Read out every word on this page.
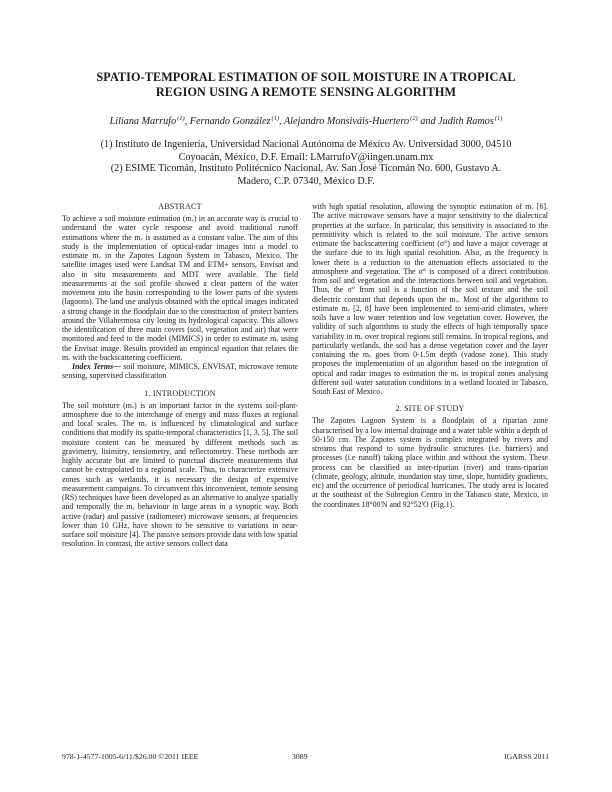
SPATIO-TEMPORAL ESTIMATION OF SOIL MOISTURE IN A TROPICAL
REGION USING A REMOTE SENSING ALGORITHM
Liliana Marrufo$^{(1)}$, Fernando González$^{(1)}$, Alejandro Monsiváis-Huertero$^{(2)}$ and Judith Ramos$^{(1)}$
(1) Instituto de Ingeniería, Universidad Nacional Autónoma de México Av. Universidad 3000, 04510
Coyoacán, México, D.F. Email: LMarrufoV@iingen.unam.mx
(2) ESIME Ticomán, Instituto Politécnico Nacional, Av. San José Ticomán No. 600, Gustavo A.
Madero, C.P. 07340, México D.F.
ABSTRACT

To achieve a soil moisture estimation (mᵥ) in an accurate way is crucial to understand the water cycle response and avoid traditional runoff estimations where the mᵥ is assumed as a constant value. The aim of this study is the implementation of optical-radar images into a model to estimate mᵥ in the Zapotes Lagoon System in Tabasco, Mexico. The satellite images used were Landsat TM and ETM+ sensors, Envisat and also in situ measurements and MDT were available. The field measurements at the soil profile showed a clear pattern of the water movement into the basin corresponding to the lower parts of the system (lagoons). The land use analysis obtained with the optical images indicated a strong change in the floodplain due to the construction of protect barriers around the Villahermosa city losing its hydrological capacity. This allows the identification of three main covers (soil, vegetation and air) that were monitored and feed to the model (MIMICS) in order to estimate mᵥ using the Envisat image. Results provided an empirical equation that relates the mᵥ with the backscattering coefficient.

Index Terms— soil moisture, MIMICS, ENVISAT, microwave remote sensing, supervised classification

1. INTRODUCTION

The soil moisture (mᵥ) is an important factor in the systems soil-plant-atmosphere due to the interchange of energy and mass fluxes at regional and local scales. The mᵥ is influenced by climatological and surface conditions that modify its spatio-temporal characteristics [1, 3, 5]. The soil moisture content can be measured by different methods such as gravimetry, lisimitry, tensiometry, and reflectometry. These methods are highly accurate but are limited to punctual discrete measurements that cannot be extrapolated to a regional scale. Thus, to characterize extensive zones such as wetlands, it is necessary the design of expensive measurement campaigns. To circumvent this inconvenient, remote sensing (RS) techniques have been developed as an alternative to analyze spatially and temporally the mᵥ behaviour in large areas in a synoptic way. Both active (radar) and passive (radiometer) microwave sensors, at frequencies lower than 10 GHz, have shown to be sensitive to variations in near-surface soil moisture [4]. The passive sensors provide data with low spatial resolution. In contrast, the active sensors collect data

with high spatial resolution, allowing the synoptic estimation of mᵥ [6]. The active microwave sensors have a major sensitivity to the dialectical properties at the surface. In particular, this sensitivity is associated to the permittivity which is related to the soil moisture. The active sensors estimate the backscattering coefficient (σ°) and have a major coverage at the surface due to its high spatial resolution. Also, as the frequency is lower there is a reduction to the attenuation effects associated to the atmosphere and vegetation. The σ° is composed of a direct contribution from soil and vegetation and the interactions between soil and vegetation. Thus, the σ° from soil is a function of the soil texture and the soil dielectric constant that depends upon the mᵥ. Most of the algorithms to estimate mᵥ [2, 8] have been implemented to semi-arid climates, where soils have a low water retention and low vegetation cover. However, the validity of such algorithms to study the effects of high temporally space variability in mᵥ over tropical regions still remains. In tropical regions, and particularly wetlands, the soil has a dense vegetation cover and the layer containing the mᵥ goes from 0-1.5m depth (vadose zone). This study proposes the implementation of an algorithm based on the integration of optical and radar images to estimation the mᵥ in tropical zones analysing different soil water saturation conditions in a wetland located in Tabasco, South East of Mexico.

2. SITE OF STUDY

The Zapotes Lagoon System is a floodplain of a riparian zone characterised by a low internal drainage and a water table within a depth of 50-150 cm. The Zapotes system is complex integrated by rivers and streams that respond to some hydraulic structures (i.e. barriers) and processes (i.e runoff) taking place within and without the system. These process can be classified as inter-riparian (river) and trans-riparian (climate, geology, altitude, inundation stay time, slope, humidity gradients, etc) and the occurrence of periodical hurricanes. The study area is located at the southeast of the Subregion Centro in the Tabasco state, Mexico, in the coordinates 18°00'N and 92°52'O (Fig.1).

978-1-4577-1005-6/11/$26.00 ©2011 IEEE	3089	IGARSS 2011
